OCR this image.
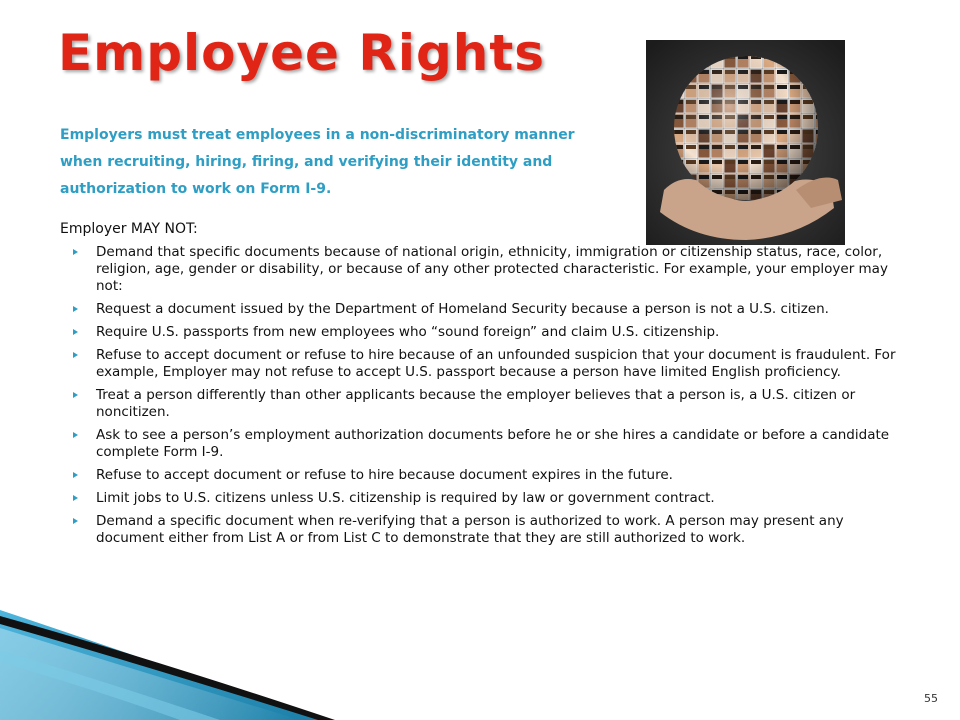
Employee Rights

Employers must treat employees in a non-discriminatory manner
when recruiting, hiring, firing, and verifying their identity and
authorization to work on Form I-9.

Employer MAY NOT:

Demand that specific documents because of national origin, ethnicity, immigration or citizenship status, race, color, religion, age, gender or disability, or because of any other protected characteristic. For example, your employer may not:
Request a document issued by the Department of Homeland Security because a person is not a U.S. citizen.
Require U.S. passports from new employees who “sound foreign” and claim U.S. citizenship.
Refuse to accept document or refuse to hire because of an unfounded suspicion that your document is fraudulent. For example, Employer may not refuse to accept U.S. passport because a person have limited English proficiency.
Treat a person differently than other applicants because the employer believes that a person is, a U.S. citizen or noncitizen.
Ask to see a person’s employment authorization documents before he or she hires a candidate or before a candidate complete Form I-9.
Refuse to accept document or refuse to hire because document expires in the future.
Limit jobs to U.S. citizens unless U.S. citizenship is required by law or government contract.
Demand a specific document when re-verifying that a person is authorized to work. A person may present any document either from List A or from List C to demonstrate that they are still authorized to work.
55
